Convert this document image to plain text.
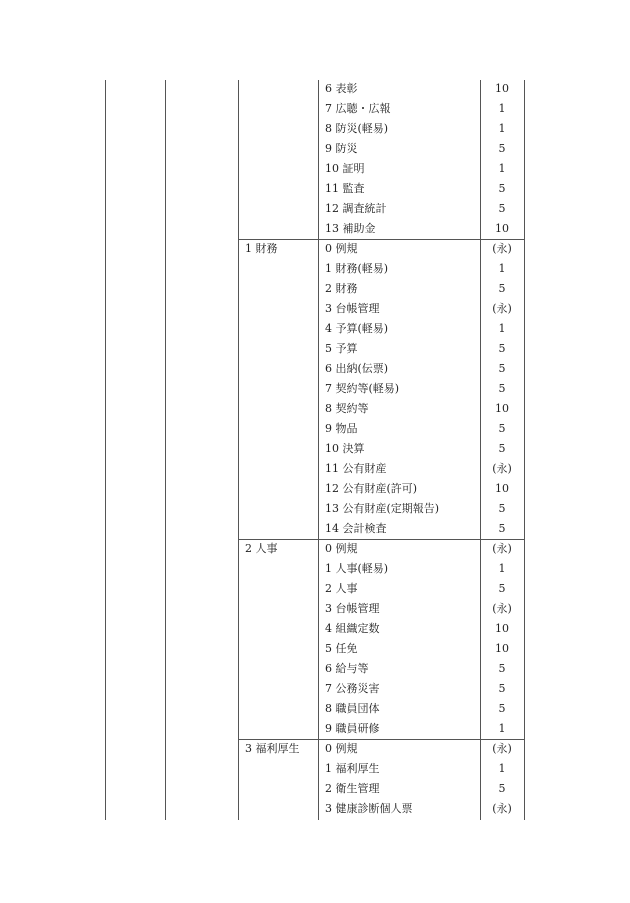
6 表彰	10
7 広聴・広報	1
8 防災(軽易)	1
9 防災	5
10 証明	1
11 監査	5
12 調査統計	5
13 補助金	10
1 財務	0 例規	(永)
1 財務(軽易)	1
2 財務	5
3 台帳管理	(永)
4 予算(軽易)	1
5 予算	5
6 出納(伝票)	5
7 契約等(軽易)	5
8 契約等	10
9 物品	5
10 決算	5
11 公有財産	(永)
12 公有財産(許可)	10
13 公有財産(定期報告)	5
14 会計検査	5
2 人事	0 例規	(永)
1 人事(軽易)	1
2 人事	5
3 台帳管理	(永)
4 組織定数	10
5 任免	10
6 給与等	5
7 公務災害	5
8 職員団体	5
9 職員研修	1
3 福利厚生	0 例規	(永)
1 福利厚生	1
2 衛生管理	5
3 健康診断個人票	(永)
